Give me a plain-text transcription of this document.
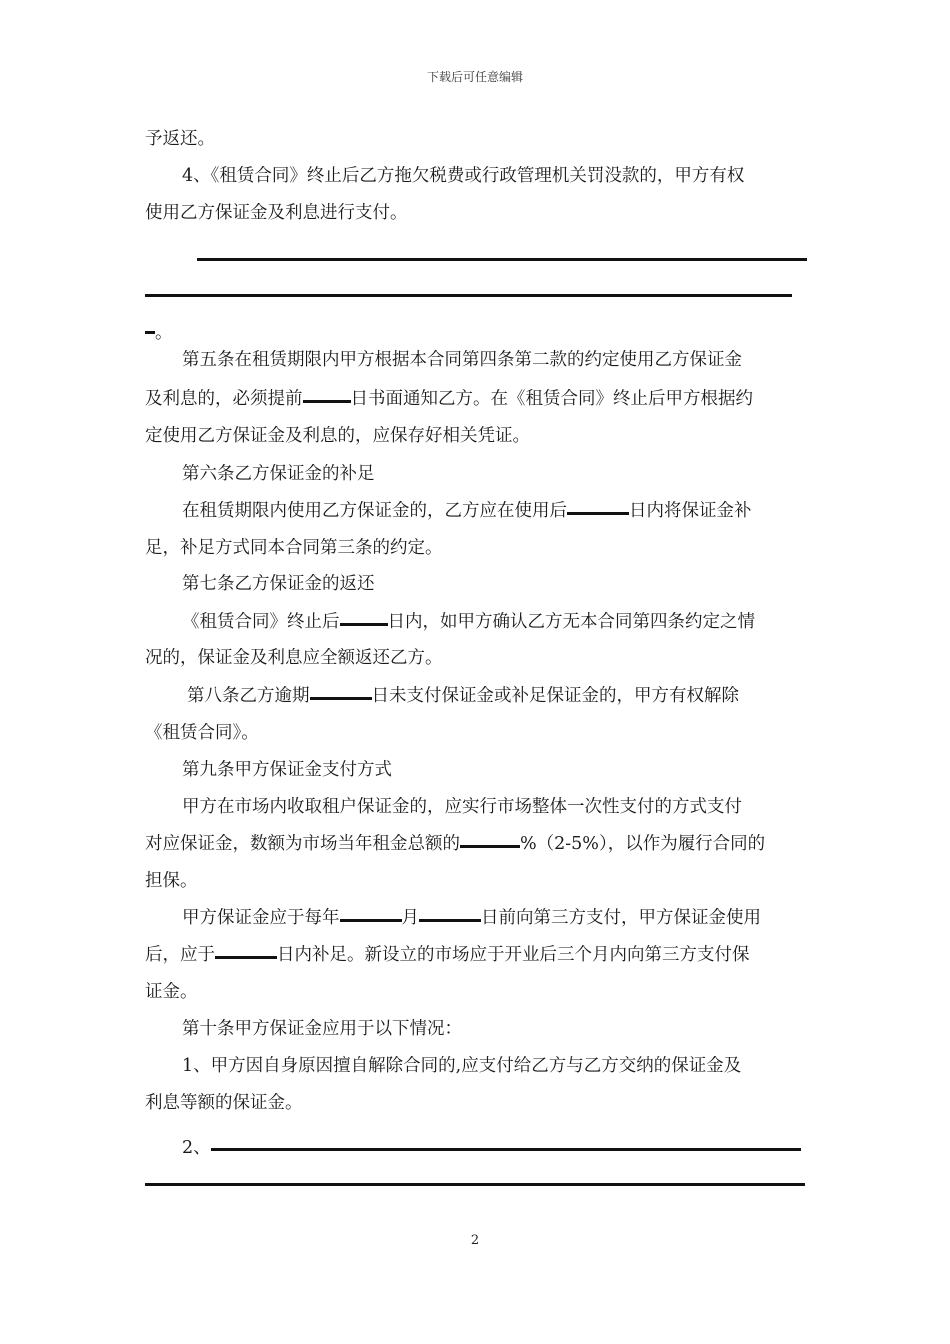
下载后可任意编辑
予返还。
4、《租赁合同》终止后乙方拖欠税费或行政管理机关罚没款的，甲方有权
使用乙方保证金及利息进行支付。
。
第五条在租赁期限内甲方根据本合同第四条第二款的约定使用乙方保证金
及利息的，必须提前	日书面通知乙方。在《租赁合同》终止后甲方根据约
定使用乙方保证金及利息的，应保存好相关凭证。
第六条乙方保证金的补足
在租赁期限内使用乙方保证金的，乙方应在使用后	日内将保证金补
足，补足方式同本合同第三条的约定。
第七条乙方保证金的返还
《租赁合同》终止后	日内，如甲方确认乙方无本合同第四条约定之情
况的，保证金及利息应全额返还乙方。
第八条乙方逾期	日未支付保证金或补足保证金的，甲方有权解除
《租赁合同》。
第九条甲方保证金支付方式
甲方在市场内收取租户保证金的，应实行市场整体一次性支付的方式支付
对应保证金，数额为市场当年租金总额的	%（2-5%），以作为履行合同的
担保。
甲方保证金应于每年	月	日前向第三方支付，甲方保证金使用
后，应于	日内补足。新设立的市场应于开业后三个月内向第三方支付保
证金。
第十条甲方保证金应用于以下情况：
1、甲方因自身原因擅自解除合同的,应支付给乙方与乙方交纳的保证金及
利息等额的保证金。
2、
2
